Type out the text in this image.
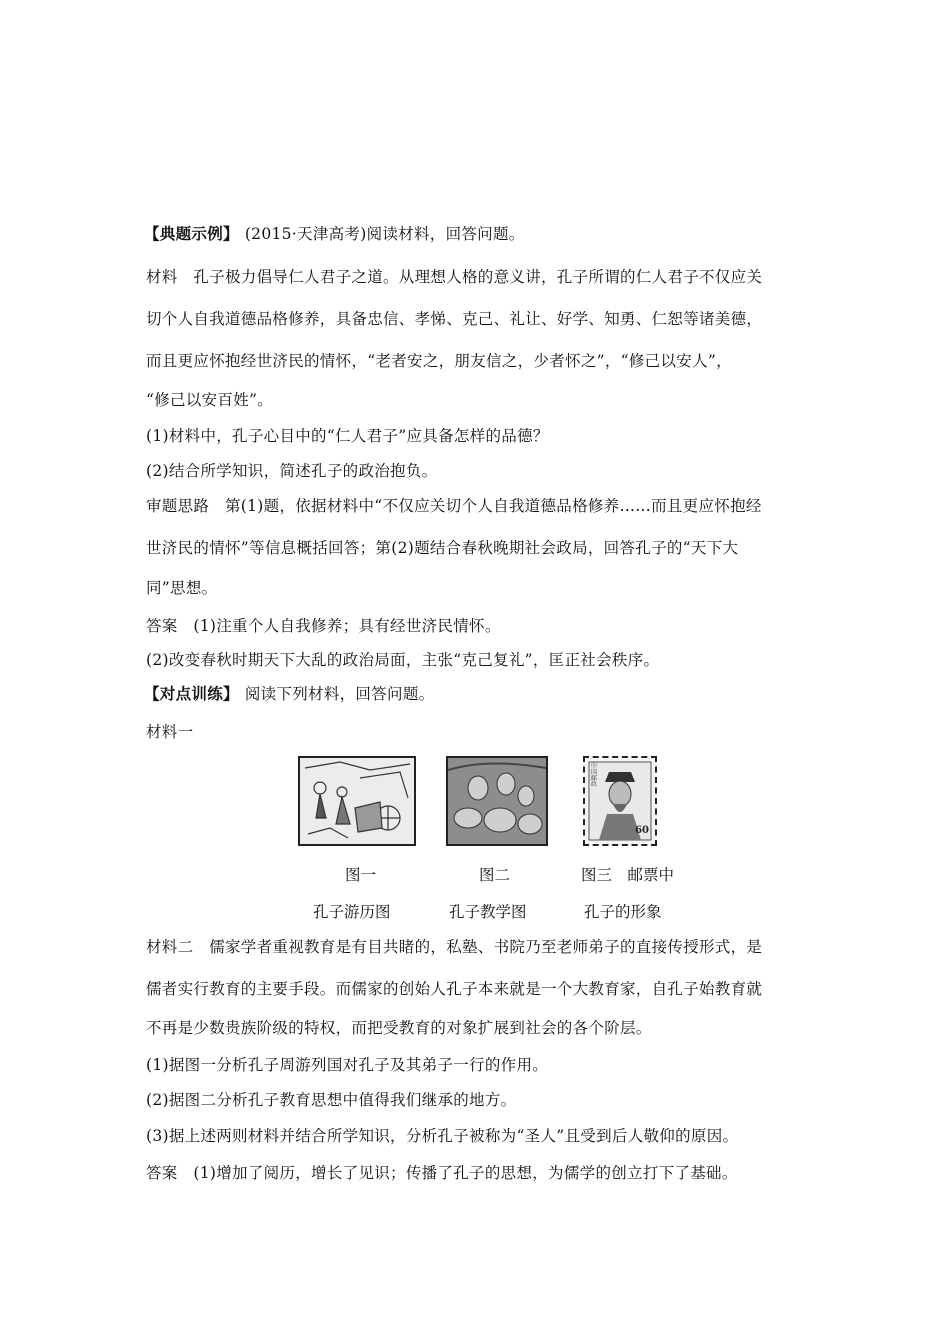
【典题示例】 (2015·天津高考)阅读材料，回答问题。
材料　孔子极力倡导仁人君子之道。从理想人格的意义讲，孔子所谓的仁人君子不仅应关
切个人自我道德品格修养，具备忠信、孝悌、克己、礼让、好学、知勇、仁恕等诸美德，
而且更应怀抱经世济民的情怀，“老者安之，朋友信之，少者怀之”，“修己以安人”，
“修己以安百姓”。
(1)材料中，孔子心目中的“仁人君子”应具备怎样的品德？
(2)结合所学知识，简述孔子的政治抱负。
审题思路　第(1)题，依据材料中“不仅应关切个人自我道德品格修养……而且更应怀抱经
世济民的情怀”等信息概括回答；第(2)题结合春秋晚期社会政局，回答孔子的“天下大
同”思想。
答案　(1)注重个人自我修养；具有经世济民情怀。
(2)改变春秋时期天下大乱的政治局面，主张“克己复礼”，匡正社会秩序。
【对点训练】 阅读下列材料，回答问题。
材料一
中国邮政
60
图一	图二	图三　邮票中
孔子游历图	孔子教学图	孔子的形象
材料二　儒家学者重视教育是有目共睹的，私塾、书院乃至老师弟子的直接传授形式，是
儒者实行教育的主要手段。而儒家的创始人孔子本来就是一个大教育家，自孔子始教育就
不再是少数贵族阶级的特权，而把受教育的对象扩展到社会的各个阶层。
(1)据图一分析孔子周游列国对孔子及其弟子一行的作用。
(2)据图二分析孔子教育思想中值得我们继承的地方。
(3)据上述两则材料并结合所学知识，分析孔子被称为“圣人”且受到后人敬仰的原因。
答案　(1)增加了阅历，增长了见识；传播了孔子的思想，为儒学的创立打下了基础。
